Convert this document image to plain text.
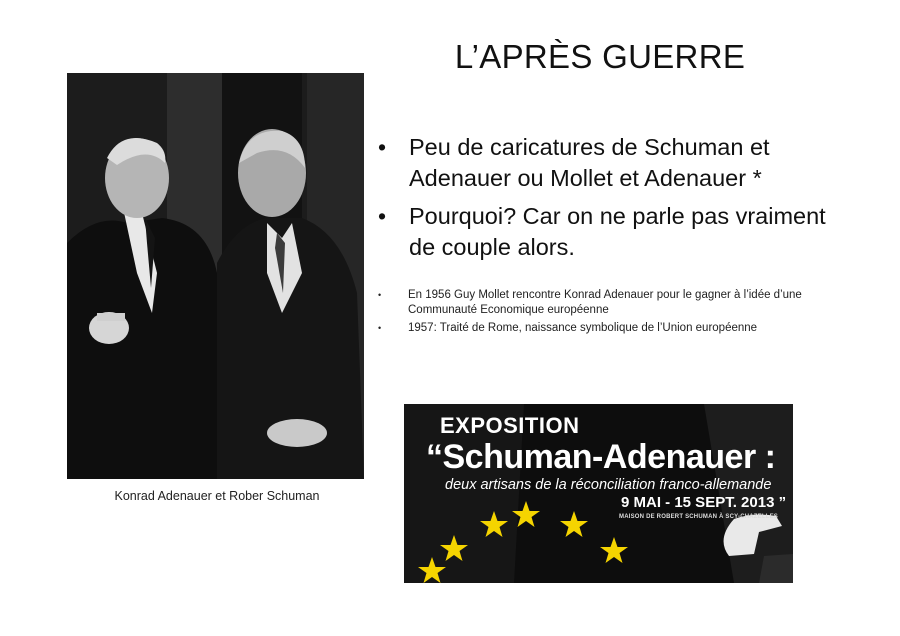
L’APRÈS GUERRE
Konrad Adenauer et Rober Schuman
• Peu de caricatures de Schuman et Adenauer ou Mollet et Adenauer *
• Pourquoi? Car on ne parle pas vraiment de couple alors.
• En 1956 Guy Mollet rencontre Konrad Adenauer pour le gagner à l’idée d’une Communauté Economique européenne
• 1957: Traité de Rome, naissance symbolique de l’Union européenne
EXPOSITION
“Schuman-Adenauer :
deux artisans de la réconciliation franco-allemande
9 MAI - 15 SEPT. 2013 ”
MAISON DE ROBERT SCHUMAN À SCY-CHAZELLES
